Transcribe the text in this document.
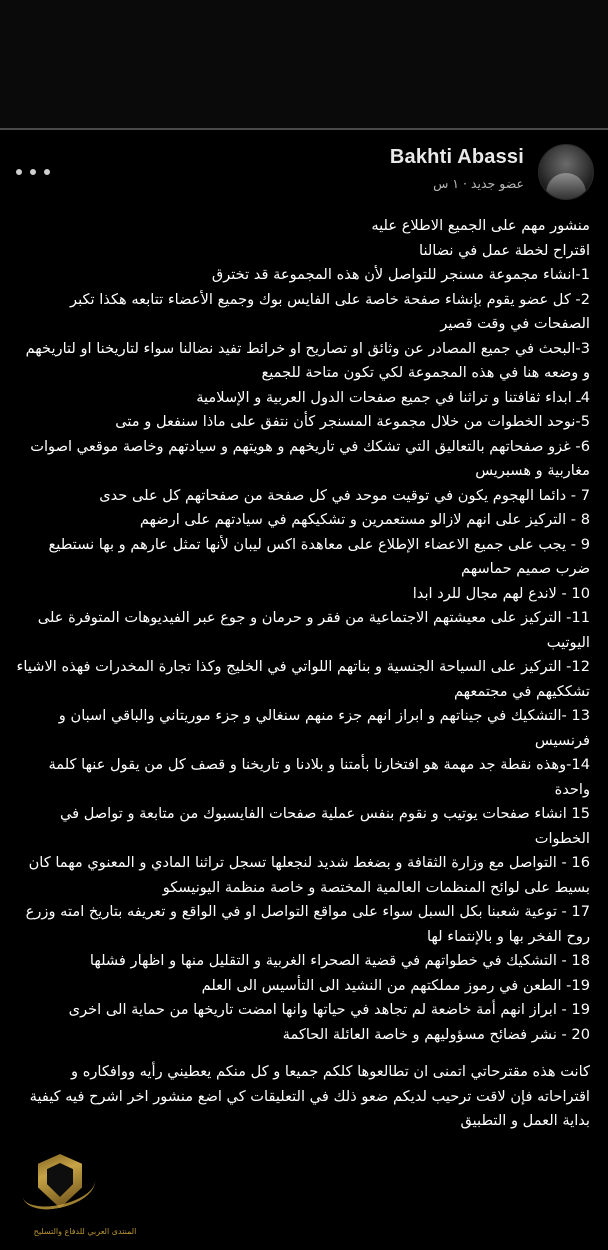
Bakhti Abassi
عضو جديد · ١ س

منشور مهم على الجميع الاطلاع عليه

اقتراح لخطة عمل في نضالنا

1-انشاء مجموعة مسنجر للتواصل لأن هذه المجموعة قد تخترق

2- كل عضو يقوم بإنشاء صفحة خاصة على الفايس بوك وجميع الأعضاء تتابعه هكذا تكبر الصفحات في وقت قصير

3-البحث في جميع المصادر عن وثائق او تصاريح او خرائط تفيد نضالنا سواء لتاريخنا او لتاريخهم و وضعه هنا في هذه المجموعة لكي تكون متاحة للجميع

4ـ ابداء ثقافتنا و تراثنا في جميع صفحات الدول العربية و الإسلامية

5-نوحد الخطوات من خلال مجموعة المسنجر كأن نتفق على ماذا سنفعل و متى

6- غزو صفحاتهم بالتعاليق التي تشكك في تاريخهم و هويتهم و سيادتهم وخاصة موقعي اصوات مغاربية و هسبريس

7 - دائما الهجوم يكون في توقيت موحد في كل صفحة من صفحاتهم كل على حدى

8 - التركيز على انهم لازالو مستعمرين و تشكيكهم في سيادتهم على ارضهم

9 - يجب على جميع الاعضاء الإطلاع على معاهدة اكس ليبان لأنها تمثل عارهم و بها نستطيع ضرب صميم حماسهم

10 - لاندع لهم مجال للرد ابدا

11- التركيز على معيشتهم الاجتماعية من فقر و حرمان و جوع عبر الفيديوهات المتوفرة على اليوتيب

12- التركيز على السياحة الجنسية و بناتهم اللواتي في الخليج وكذا تجارة المخدرات فهذه الاشياء تشككيهم في مجتمعهم

13 -التشكيك في جيناتهم و ابراز انهم جزء منهم سنغالي و جزء موريتاني والباقي اسبان و فرنسيس

14-وهذه نقطة جد مهمة هو افتخارنا بأمتنا و بلادنا و تاريخنا و قصف كل من يقول عنها كلمة واحدة

15 انشاء صفحات يوتيب و نقوم بنفس عملية صفحات الفايسبوك من متابعة و تواصل في الخطوات

16 - التواصل مع وزارة الثقافة و بضغط شديد لنجعلها تسجل تراثنا المادي و المعنوي مهما كان بسيط على لوائح المنظمات العالمية المختصة و خاصة منظمة اليونيسكو

17 - توعية شعبنا بكل السبل سواء على مواقع التواصل او في الواقع و تعريفه بتاريخ امته وزرع روح الفخر بها و بالإنتماء لها

18 - التشكيك في خطواتهم في قضية الصحراء الغربية و التقليل منها و اظهار فشلها

19- الطعن في رموز مملكتهم من النشيد الى التأسيس الى العلم

19 - ابراز انهم أمة خاضعة لم تجاهد في حياتها وانها امضت تاريخها من حماية الى اخرى

20 - نشر فضائح مسؤوليهم و خاصة العائلة الحاكمة

كانت هذه مقترحاتي اتمنى ان تطالعوها كلكم جميعا و كل منكم يعطيني رأيه ووافكاره و اقتراحاته فإن لاقت ترحيب لديكم ضعو ذلك في التعليقات كي اضع منشور اخر اشرح فيه كيفية بداية العمل و التطبيق

المنتدى العربي للدفاع والتسليح
